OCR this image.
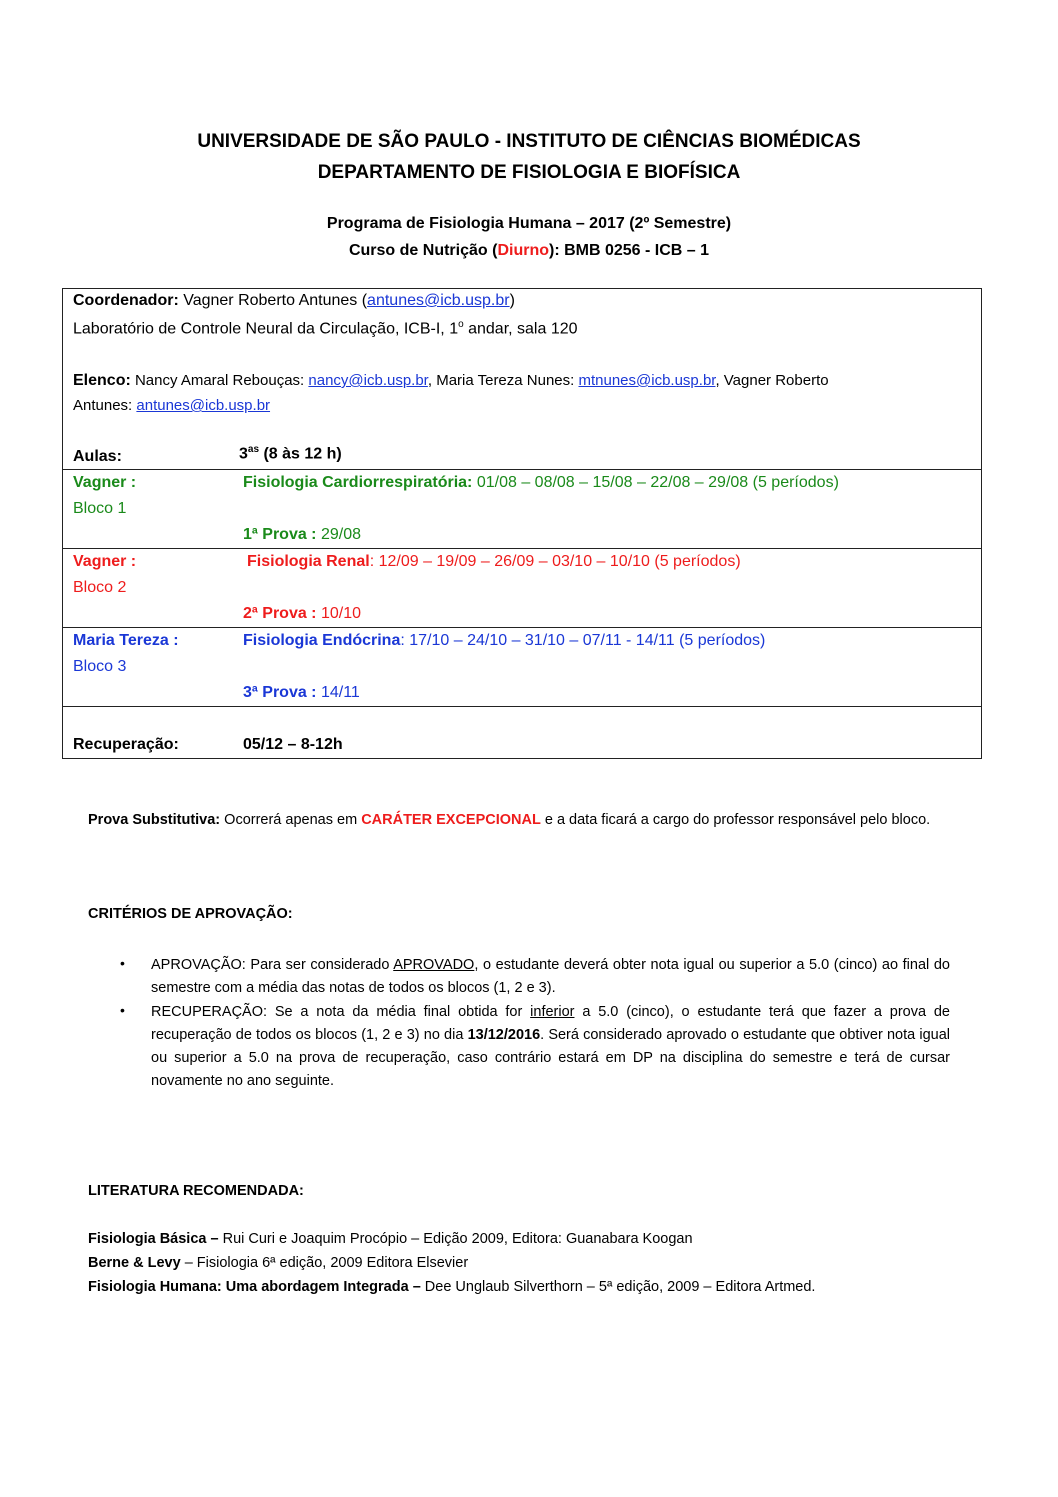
UNIVERSIDADE DE SÃO PAULO - INSTITUTO DE CIÊNCIAS BIOMÉDICAS
DEPARTAMENTO DE FISIOLOGIA E BIOFÍSICA
Programa de Fisiologia Humana – 2017 (2º Semestre)
Curso de Nutrição (Diurno): BMB 0256 - ICB – 1
Coordenador: Vagner Roberto Antunes (antunes@icb.usp.br)
Laboratório de Controle Neural da Circulação, ICB-I, 1$^o$ andar, sala 120
Elenco: Nancy Amaral Rebouças: nancy@icb.usp.br, Maria Tereza Nunes: mtnunes@icb.usp.br, Vagner Roberto
Antunes: antunes@icb.usp.br
Aulas:	$3^{as}$ (8 às 12 h)
Vagner :
Bloco 1
Fisiologia Cardiorrespiratória: 01/08 – 08/08 – 15/08 – 22/08 – 29/08 (5 períodos)
1ª Prova : 29/08
Vagner :
Bloco 2
Fisiologia Renal: 12/09 – 19/09 – 26/09 – 03/10 – 10/10 (5 períodos)
2ª Prova : 10/10
Maria Tereza :
Bloco 3
Fisiologia Endócrina: 17/10 – 24/10 – 31/10 – 07/11 - 14/11 (5 períodos)
3ª Prova : 14/11
Recuperação:	05/12 – 8-12h
Prova Substitutiva: Ocorrerá apenas em CARÁTER EXCEPCIONAL e a data ficará a cargo do professor responsável pelo bloco.
CRITÉRIOS DE APROVAÇÃO:
• APROVAÇÃO: Para ser considerado APROVADO, o estudante deverá obter nota igual ou superior a 5.0 (cinco) ao final do semestre com a média das notas de todos os blocos (1, 2 e 3).
• RECUPERAÇÃO: Se a nota da média final obtida for inferior a 5.0 (cinco), o estudante terá que fazer a prova de recuperação de todos os blocos (1, 2 e 3) no dia 13/12/2016. Será considerado aprovado o estudante que obtiver nota igual ou superior a 5.0 na prova de recuperação, caso contrário estará em DP na disciplina do semestre e terá de cursar novamente no ano seguinte.
LITERATURA RECOMENDADA:
Fisiologia Básica – Rui Curi e Joaquim Procópio – Edição 2009, Editora: Guanabara Koogan
Berne & Levy – Fisiologia 6ª edição, 2009 Editora Elsevier
Fisiologia Humana: Uma abordagem Integrada – Dee Unglaub Silverthorn – 5ª edição, 2009 – Editora Artmed.
